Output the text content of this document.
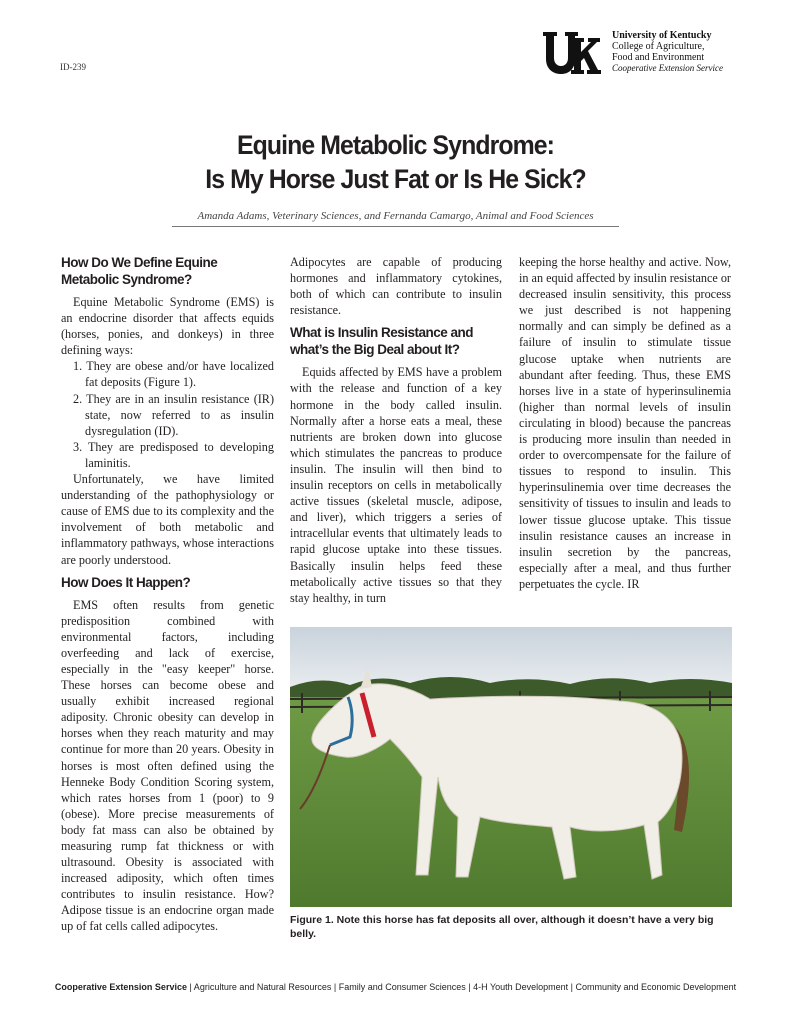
ID-239
University of Kentucky
College of Agriculture,
Food and Environment
Cooperative Extension Service
Equine Metabolic Syndrome:
Is My Horse Just Fat or Is He Sick?
Amanda Adams, Veterinary Sciences, and Fernanda Camargo, Animal and Food Sciences
How Do We Define Equine Metabolic Syndrome?

Equine Metabolic Syndrome (EMS) is an endocrine disorder that affects equids (horses, ponies, and donkeys) in three defining ways:

1. They are obese and/or have localized fat deposits (Figure 1).
2. They are in an insulin resistance (IR) state, now referred to as insulin dysregulation (ID).
3. They are predisposed to developing laminitis.

Unfortunately, we have limited understanding of the pathophysiology or cause of EMS due to its complexity and the involvement of both metabolic and inflammatory pathways, whose interactions are poorly understood.

How Does It Happen?

EMS often results from genetic predisposition combined with environmental factors, including overfeeding and lack of exercise, especially in the "easy keeper" horse. These horses can become obese and usually exhibit increased regional adiposity. Chronic obesity can develop in horses when they reach maturity and may continue for more than 20 years. Obesity in horses is most often defined using the Henneke Body Condition Scoring system, which rates horses from 1 (poor) to 9 (obese). More precise measurements of body fat mass can also be obtained by measuring rump fat thickness or with ultrasound. Obesity is associated with increased adiposity, which often times contributes to insulin resistance. How? Adipose tissue is an endocrine organ made up of fat cells called adipocytes.

Adipocytes are capable of producing hormones and inflammatory cytokines, both of which can contribute to insulin resistance.

What is Insulin Resistance and what’s the Big Deal about It?

Equids affected by EMS have a problem with the release and function of a key hormone in the body called insulin. Normally after a horse eats a meal, these nutrients are broken down into glucose which stimulates the pancreas to produce insulin. The insulin will then bind to insulin receptors on cells in metabolically active tissues (skeletal muscle, adipose, and liver), which triggers a series of intracellular events that ultimately leads to rapid glucose uptake into these tissues. Basically insulin helps feed these metabolically active tissues so that they stay healthy, in turn

keeping the horse healthy and active. Now, in an equid affected by insulin resistance or decreased insulin sensitivity, this process we just described is not happening normally and can simply be defined as a failure of insulin to stimulate tissue glucose uptake when nutrients are abundant after feeding. Thus, these EMS horses live in a state of hyperinsulinemia (higher than normal levels of insulin circulating in blood) because the pancreas is producing more insulin than needed in order to overcompensate for the failure of tissues to respond to insulin. This hyperinsulinemia over time decreases the sensitivity of tissues to insulin and leads to lower tissue glucose uptake. This tissue insulin resistance causes an increase in insulin secretion by the pancreas, especially after a meal, and thus further perpetuates the cycle. IR

Figure 1. Note this horse has fat deposits all over, although it doesn’t have a very big belly.
Cooperative Extension Service | Agriculture and Natural Resources | Family and Consumer Sciences | 4-H Youth Development | Community and Economic Development
